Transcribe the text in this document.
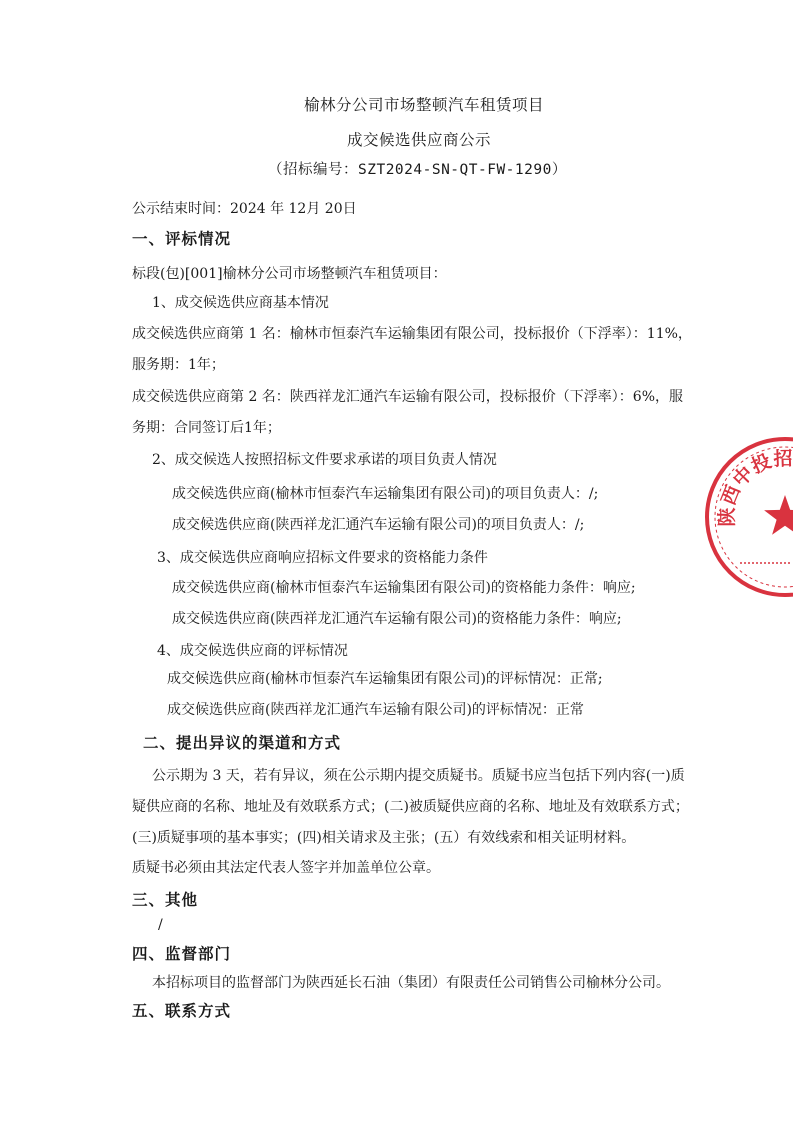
榆林分公司市场整顿汽车租赁项目
成交候选供应商公示
（招标编号：SZT2024-SN-QT-FW-1290）
公示结束时间：2024 年 12月 20日
一、评标情况
标段(包)[001]榆林分公司市场整顿汽车租赁项目：
1、成交候选供应商基本情况
成交候选供应商第 1 名：榆林市恒泰汽车运输集团有限公司，投标报价（下浮率）：11%，
服务期：1年；
成交候选供应商第 2 名：陕西祥龙汇通汽车运输有限公司，投标报价（下浮率）：6%，服
务期：合同签订后1年；
2、成交候选人按照招标文件要求承诺的项目负责人情况
成交候选供应商(榆林市恒泰汽车运输集团有限公司)的项目负责人：/;
成交候选供应商(陕西祥龙汇通汽车运输有限公司)的项目负责人：/;
3、成交候选供应商响应招标文件要求的资格能力条件
成交候选供应商(榆林市恒泰汽车运输集团有限公司)的资格能力条件：响应;
成交候选供应商(陕西祥龙汇通汽车运输有限公司)的资格能力条件：响应;
4、成交候选供应商的评标情况
成交候选供应商(榆林市恒泰汽车运输集团有限公司)的评标情况：正常;
成交候选供应商(陕西祥龙汇通汽车运输有限公司)的评标情况：正常
二、提出异议的渠道和方式
公示期为 3 天，若有异议，须在公示期内提交质疑书。质疑书应当包括下列内容(一)质
疑供应商的名称、地址及有效联系方式；(二)被质疑供应商的名称、地址及有效联系方式；
(三)质疑事项的基本事实；(四)相关请求及主张；(五）有效线索和相关证明材料。
质疑书必须由其法定代表人签字并加盖单位公章。
三、其他
/
四、监督部门
本招标项目的监督部门为陕西延长石油（集团）有限责任公司销售公司榆林分公司。
五、联系方式
陕
西
中
投
招
